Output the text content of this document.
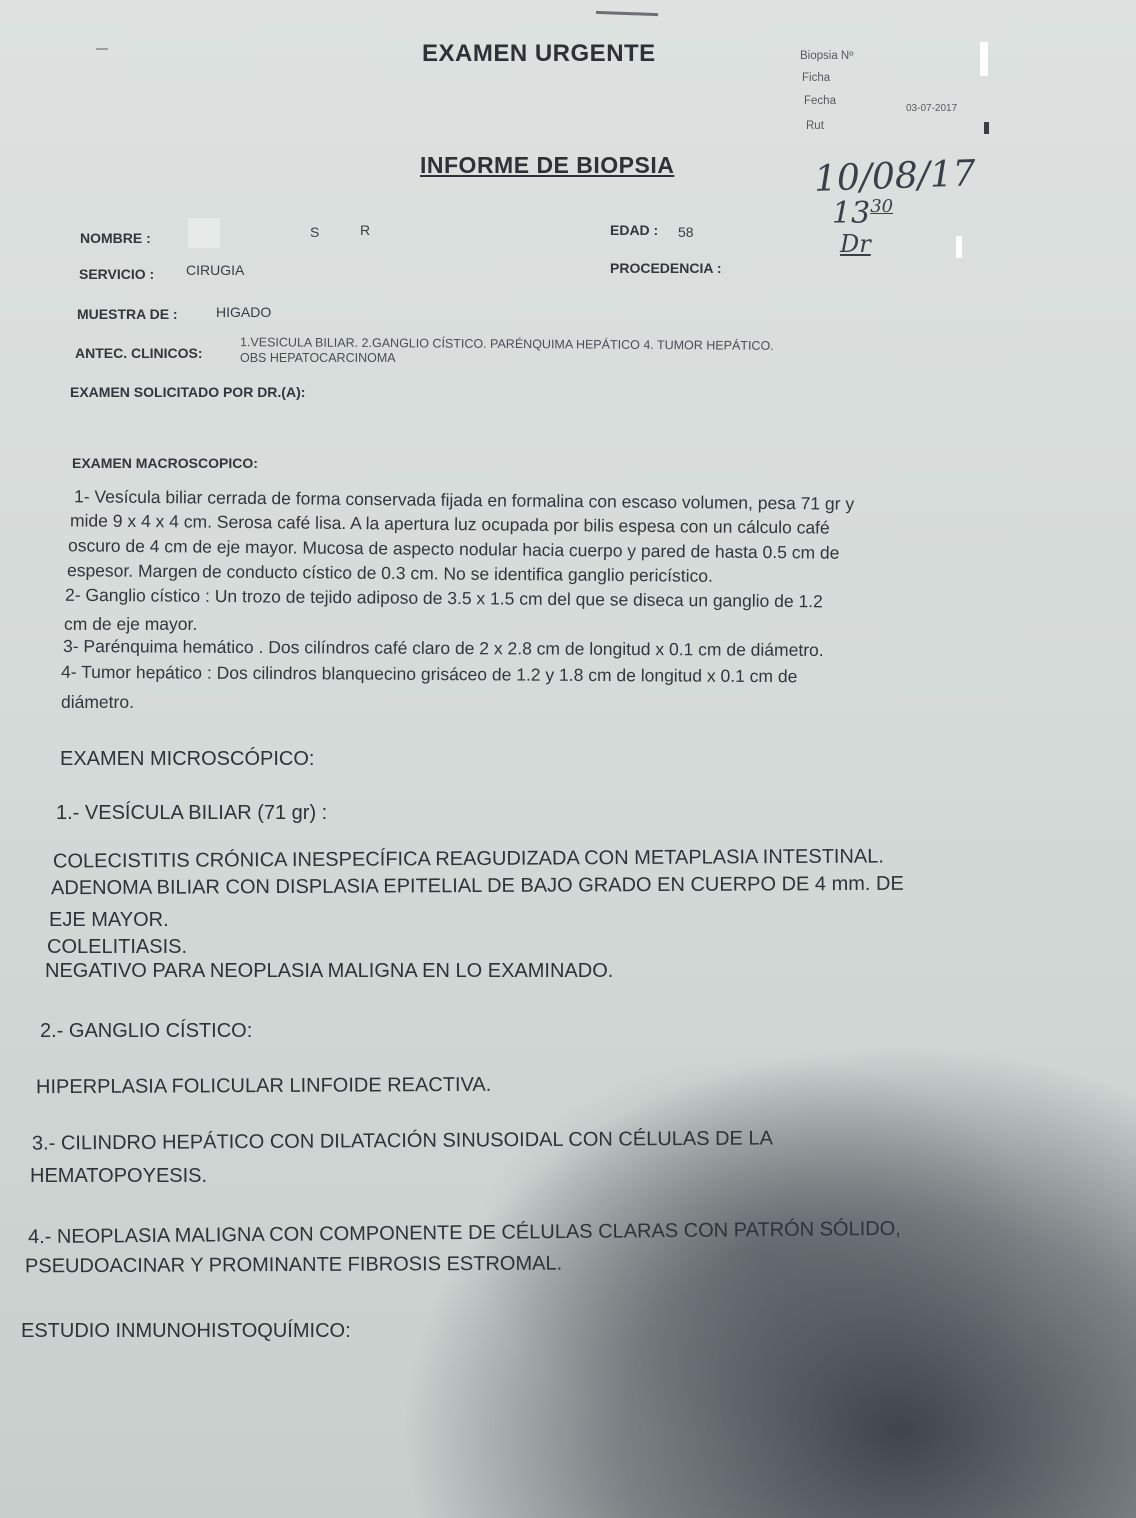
EXAMEN URGENTE
INFORME DE BIOPSIA
Biopsia Nº
Ficha
Fecha
03-07-2017
Rut
10/08/17
$13^{30}$
Dr
NOMBRE :	S	R	EDAD : 58
SERVICIO : CIRUGIA	PROCEDENCIA :
MUESTRA DE :	HIGADO
ANTEC. CLINICOS:
1.VESICULA BILIAR. 2.GANGLIO CÍSTICO. PARÉNQUIMA HEPÁTICO 4. TUMOR HEPÁTICO.
OBS HEPATOCARCINOMA
EXAMEN SOLICITADO POR DR.(A):
EXAMEN MACROSCOPICO:
1- Vesícula biliar cerrada de forma conservada fijada en formalina con escaso volumen, pesa 71 gr y
mide 9 x 4 x 4 cm. Serosa café lisa. A la apertura luz ocupada por bilis espesa con un cálculo café
oscuro de 4 cm de eje mayor. Mucosa de aspecto nodular hacia cuerpo y pared de hasta 0.5 cm de
espesor. Margen de conducto cístico de 0.3 cm. No se identifica ganglio pericístico.
2- Ganglio cístico : Un trozo de tejido adiposo de 3.5 x 1.5 cm del que se diseca un ganglio de 1.2
cm de eje mayor.
3- Parénquima hemático . Dos cilíndros café claro de 2 x 2.8 cm de longitud x 0.1 cm de diámetro.
4- Tumor hepático : Dos cilindros blanquecino grisáceo de 1.2 y 1.8 cm de longitud x 0.1 cm de
diámetro.
EXAMEN MICROSCÓPICO:
1.- VESÍCULA BILIAR (71 gr) :
COLECISTITIS CRÓNICA INESPECÍFICA REAGUDIZADA CON METAPLASIA INTESTINAL.
ADENOMA BILIAR CON DISPLASIA EPITELIAL DE BAJO GRADO EN CUERPO DE 4 mm. DE
EJE MAYOR.
COLELITIASIS.
NEGATIVO PARA NEOPLASIA MALIGNA EN LO EXAMINADO.
2.- GANGLIO CÍSTICO:
HIPERPLASIA FOLICULAR LINFOIDE REACTIVA.
3.- CILINDRO HEPÁTICO CON DILATACIÓN SINUSOIDAL CON CÉLULAS DE LA
HEMATOPOYESIS.
4.- NEOPLASIA MALIGNA CON COMPONENTE DE CÉLULAS CLARAS CON PATRÓN SÓLIDO,
PSEUDOACINAR Y PROMINANTE FIBROSIS ESTROMAL.
ESTUDIO INMUNOHISTOQUÍMICO:
